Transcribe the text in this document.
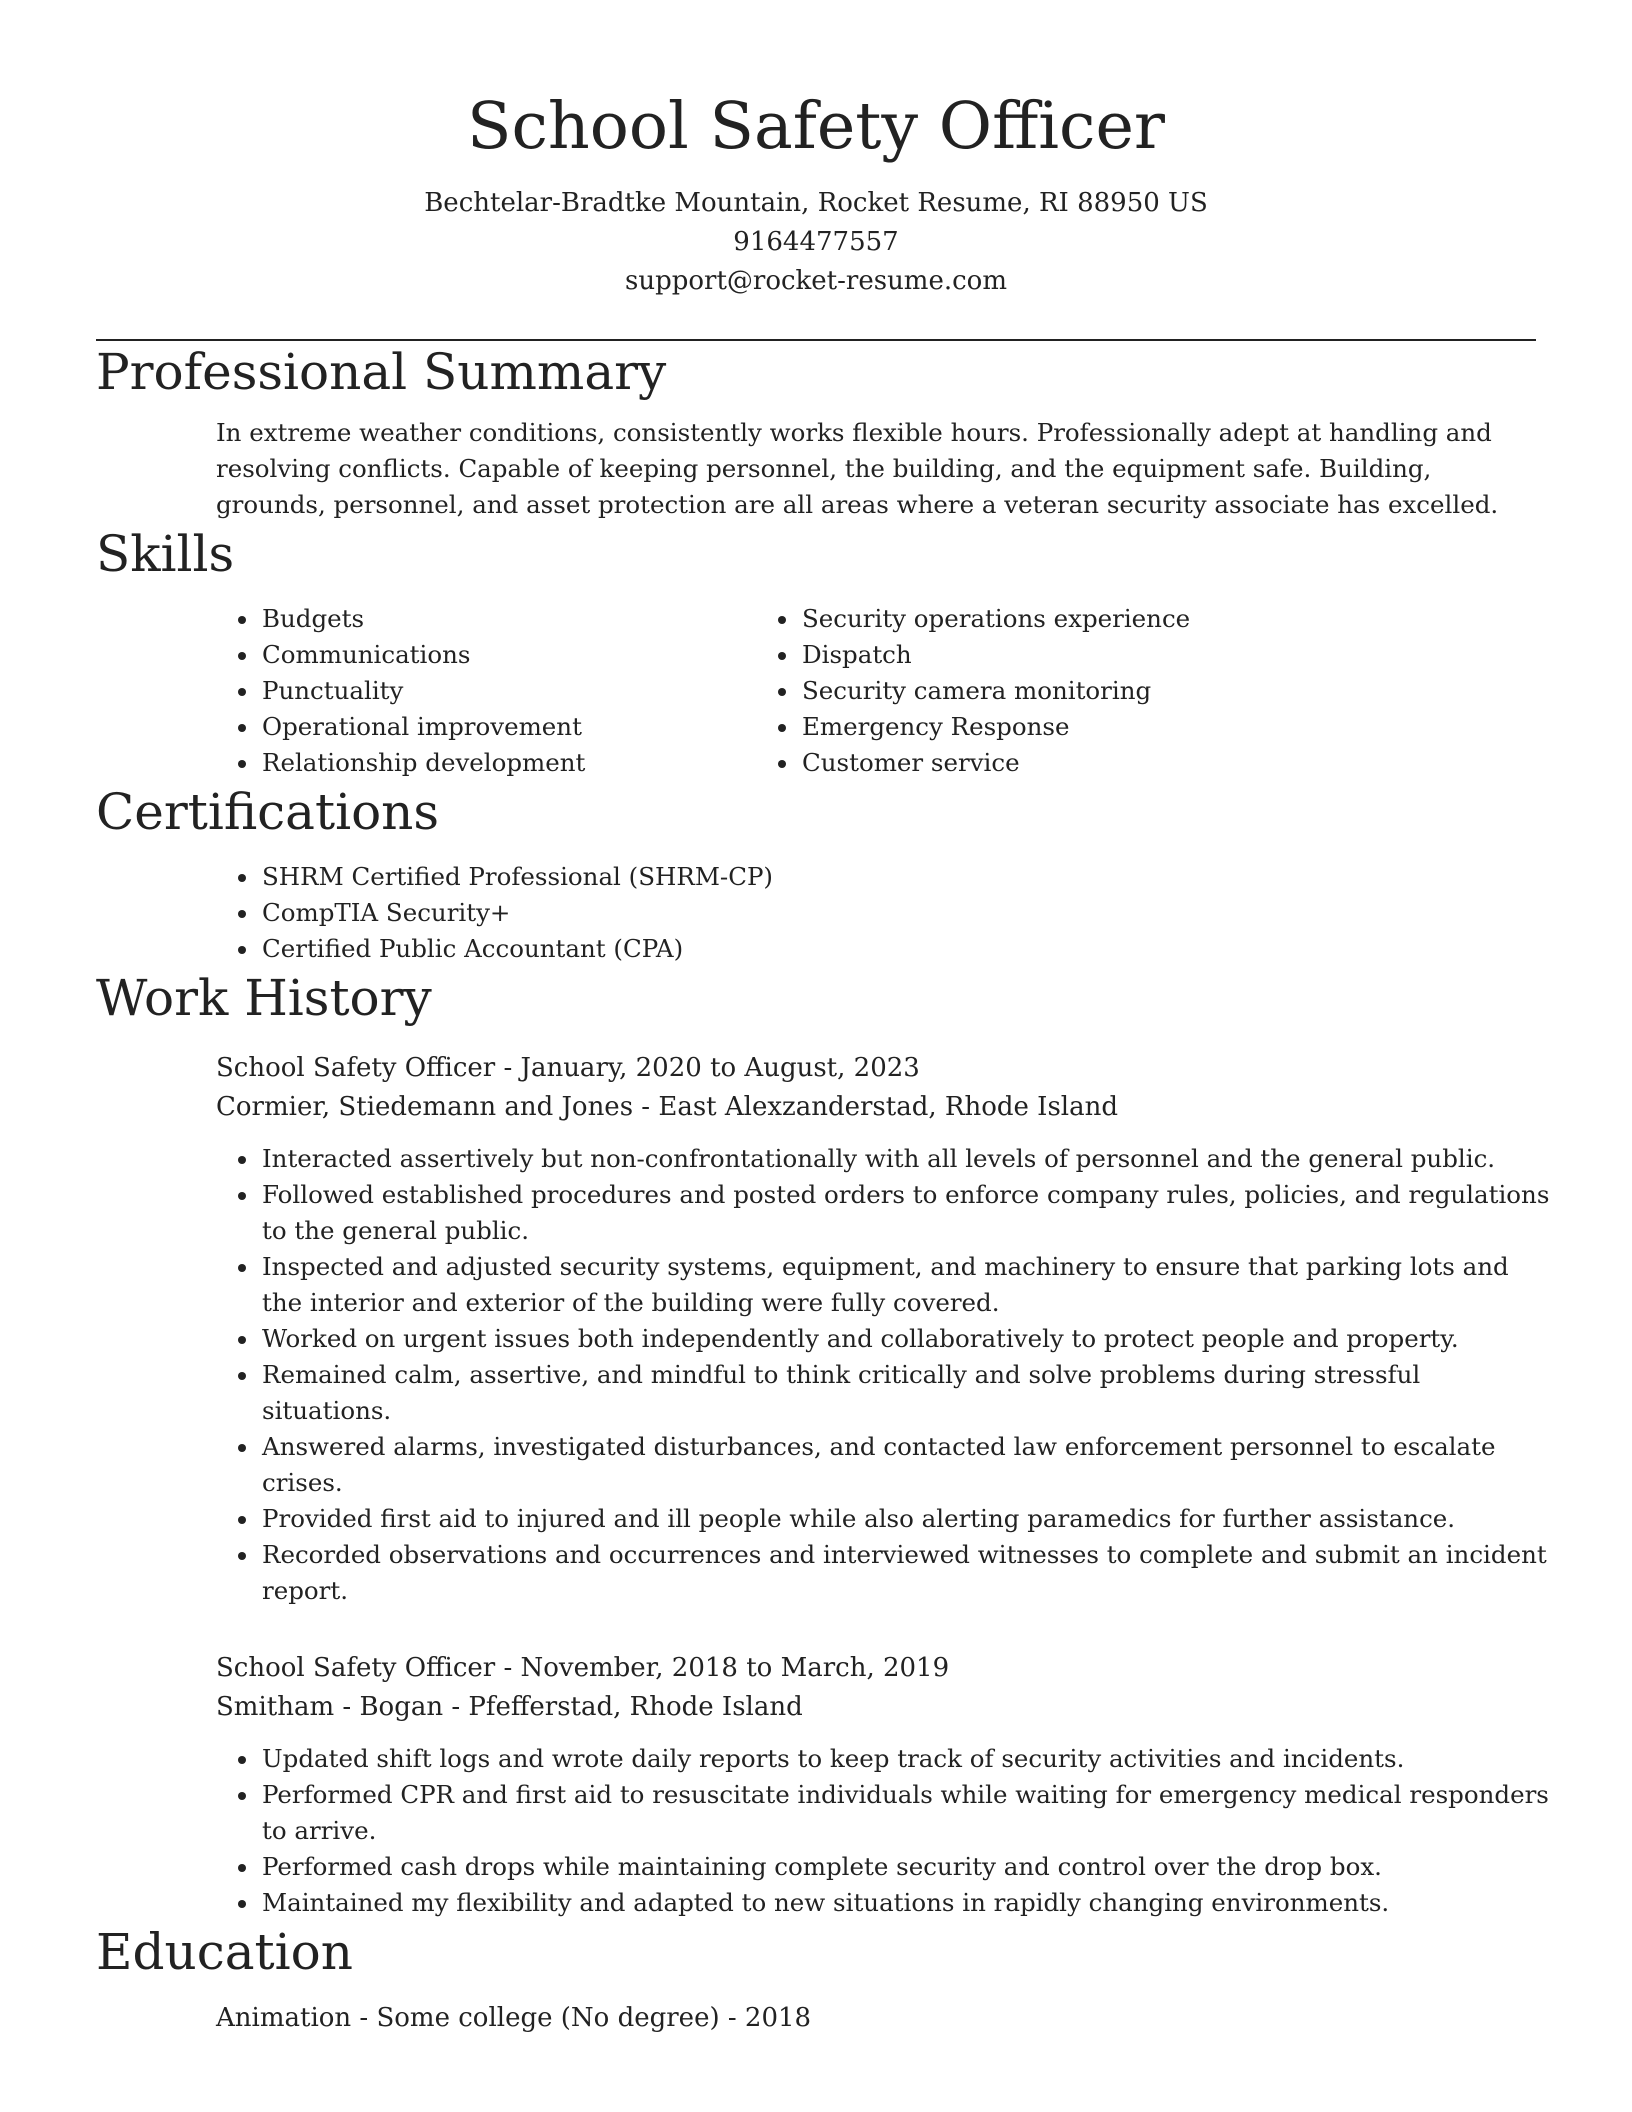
School Safety Officer
Bechtelar-Bradtke Mountain, Rocket Resume, RI 88950 US
9164477557
support@rocket-resume.com
Professional Summary

In extreme weather conditions, consistently works flexible hours. Professionally adept at handling and resolving conflicts. Capable of keeping personnel, the building, and the equipment safe. Building, grounds, personnel, and asset protection are all areas where a veteran security associate has excelled.

Skills
• Budgets
• Communications
• Punctuality
• Operational improvement
• Relationship development
• Security operations experience
• Dispatch
• Security camera monitoring
• Emergency Response
• Customer service
Certifications
• SHRM Certified Professional (SHRM-CP)
• CompTIA Security+
• Certified Public Accountant (CPA)
Work History
School Safety Officer - January, 2020 to August, 2023
Cormier, Stiedemann and Jones - East Alexzanderstad, Rhode Island
• Interacted assertively but non-confrontationally with all levels of personnel and the general public.
• Followed established procedures and posted orders to enforce company rules, policies, and regulations to the general public.
• Inspected and adjusted security systems, equipment, and machinery to ensure that parking lots and the interior and exterior of the building were fully covered.
• Worked on urgent issues both independently and collaboratively to protect people and property.
• Remained calm, assertive, and mindful to think critically and solve problems during stressful situations.
• Answered alarms, investigated disturbances, and contacted law enforcement personnel to escalate crises.
• Provided first aid to injured and ill people while also alerting paramedics for further assistance.
• Recorded observations and occurrences and interviewed witnesses to complete and submit an incident report.
School Safety Officer - November, 2018 to March, 2019
Smitham - Bogan - Pfefferstad, Rhode Island
• Updated shift logs and wrote daily reports to keep track of security activities and incidents.
• Performed CPR and first aid to resuscitate individuals while waiting for emergency medical responders to arrive.
• Performed cash drops while maintaining complete security and control over the drop box.
• Maintained my flexibility and adapted to new situations in rapidly changing environments.
Education
Animation - Some college (No degree) - 2018
